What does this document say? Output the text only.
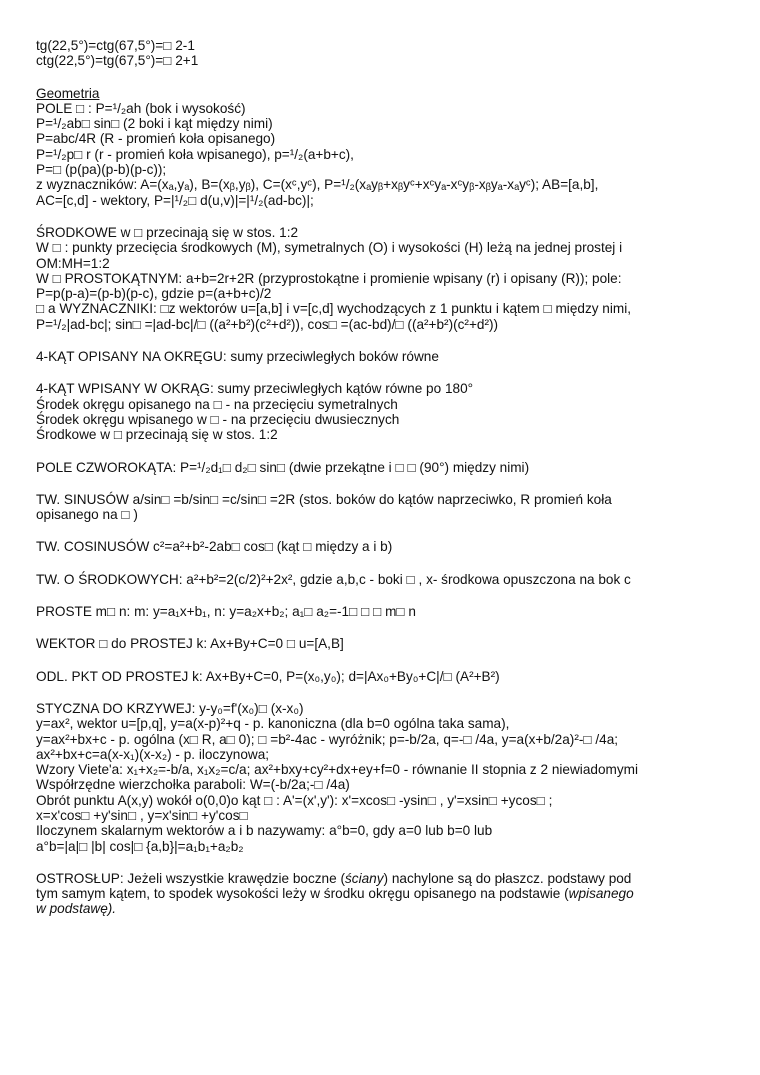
tg(22,5°)=ctg(67,5°)=□ 2-1
ctg(22,5°)=tg(67,5°)=□ 2+1
Geometria
POLE □ : P=¹/₂ah (bok i wysokość)
P=¹/₂ab□ sin□ (2 boki i kąt między nimi)
P=abc/4R (R - promień koła opisanego)
P=¹/₂p□ r (r - promień koła wpisanego), p=¹/₂(a+b+c),
P=□ (p(pa)(p-b)(p-c));
z wyznaczników: A=(xₐ,yₐ), B=(xᵦ,yᵦ), C=(xᶜ,yᶜ), P=¹/₂(xₐyᵦ+xᵦyᶜ+xᶜyₐ-xᶜyᵦ-xᵦyₐ-xₐyᶜ); AB=[a,b],
AC=[c,d] - wektory, P=|¹/₂□ d(u,v)|=|¹/₂(ad-bc)|;
ŚRODKOWE w □ przecinają się w stos. 1:2
W □ : punkty przecięcia środkowych (M), symetralnych (O) i wysokości (H) leżą na jednej prostej i
OM:MH=1:2
W □ PROSTOKĄTNYM: a+b=2r+2R (przyprostokątne i promienie wpisany (r) i opisany (R)); pole:
P=p(p-a)=(p-b)(p-c), gdzie p=(a+b+c)/2
□ a WYZNACZNIKI: □z wektorów u=[a,b] i v=[c,d] wychodzących z 1 punktu i kątem □ między nimi,
P=¹/₂|ad-bc|; sin□ =|ad-bc|/□ ((a²+b²)(c²+d²)), cos□ =(ac-bd)/□ ((a²+b²)(c²+d²))
4-KĄT OPISANY NA OKRĘGU: sumy przeciwległych boków równe
4-KĄT WPISANY W OKRĄG: sumy przeciwległych kątów równe po 180°
Środek okręgu opisanego na □ - na przecięciu symetralnych
Środek okręgu wpisanego w □ - na przecięciu dwusiecznych
Środkowe w □ przecinają się w stos. 1:2
POLE CZWOROKĄTA: P=¹/₂d₁□ d₂□ sin□ (dwie przekątne i □ □ (90°) między nimi)
TW. SINUSÓW a/sin□ =b/sin□ =c/sin□ =2R (stos. boków do kątów naprzeciwko, R promień koła
opisanego na □ )
TW. COSINUSÓW c²=a²+b²-2ab□ cos□ (kąt □ między a i b)
TW. O ŚRODKOWYCH: a²+b²=2(c/2)²+2x², gdzie a,b,c - boki □ , x- środkowa opuszczona na bok c
PROSTE m□ n: m: y=a₁x+b₁, n: y=a₂x+b₂; a₁□ a₂=-1□ □ □ m□ n
WEKTOR □ do PROSTEJ k: Ax+By+C=0 □ u=[A,B]
ODL. PKT OD PROSTEJ k: Ax+By+C=0, P=(x₀,y₀); d=|Ax₀+By₀+C|/□ (A²+B²)
STYCZNA DO KRZYWEJ: y-y₀=f'(x₀)□ (x-x₀)
y=ax², wektor u=[p,q], y=a(x-p)²+q - p. kanoniczna (dla b=0 ogólna taka sama),
y=ax²+bx+c - p. ogólna (x□ R, a□ 0); □ =b²-4ac - wyróżnik; p=-b/2a, q=-□ /4a, y=a(x+b/2a)²-□ /4a;
ax²+bx+c=a(x-x₁)(x-x₂) - p. iloczynowa;
Wzory Viete'a: x₁+x₂=-b/a, x₁x₂=c/a; ax²+bxy+cy²+dx+ey+f=0 - równanie II stopnia z 2 niewiadomymi
Współrzędne wierzchołka paraboli: W=(-b/2a;-□ /4a)
Obrót punktu A(x,y) wokół o(0,0)o kąt □ : A'=(x',y'): x'=xcos□ -ysin□ , y'=xsin□ +ycos□ ;
x=x'cos□ +y'sin□ , y=x'sin□ +y'cos□
Iloczynem skalarnym wektorów a i b nazywamy: a°b=0, gdy a=0 lub b=0 lub
a°b=|a|□ |b| cos|□ {a,b}|=a₁b₁+a₂b₂
OSTROSŁUP: Jeżeli wszystkie krawędzie boczne (ściany) nachylone są do płaszcz. podstawy pod
tym samym kątem, to spodek wysokości leży w środku okręgu opisanego na podstawie (wpisanego
w podstawę).
